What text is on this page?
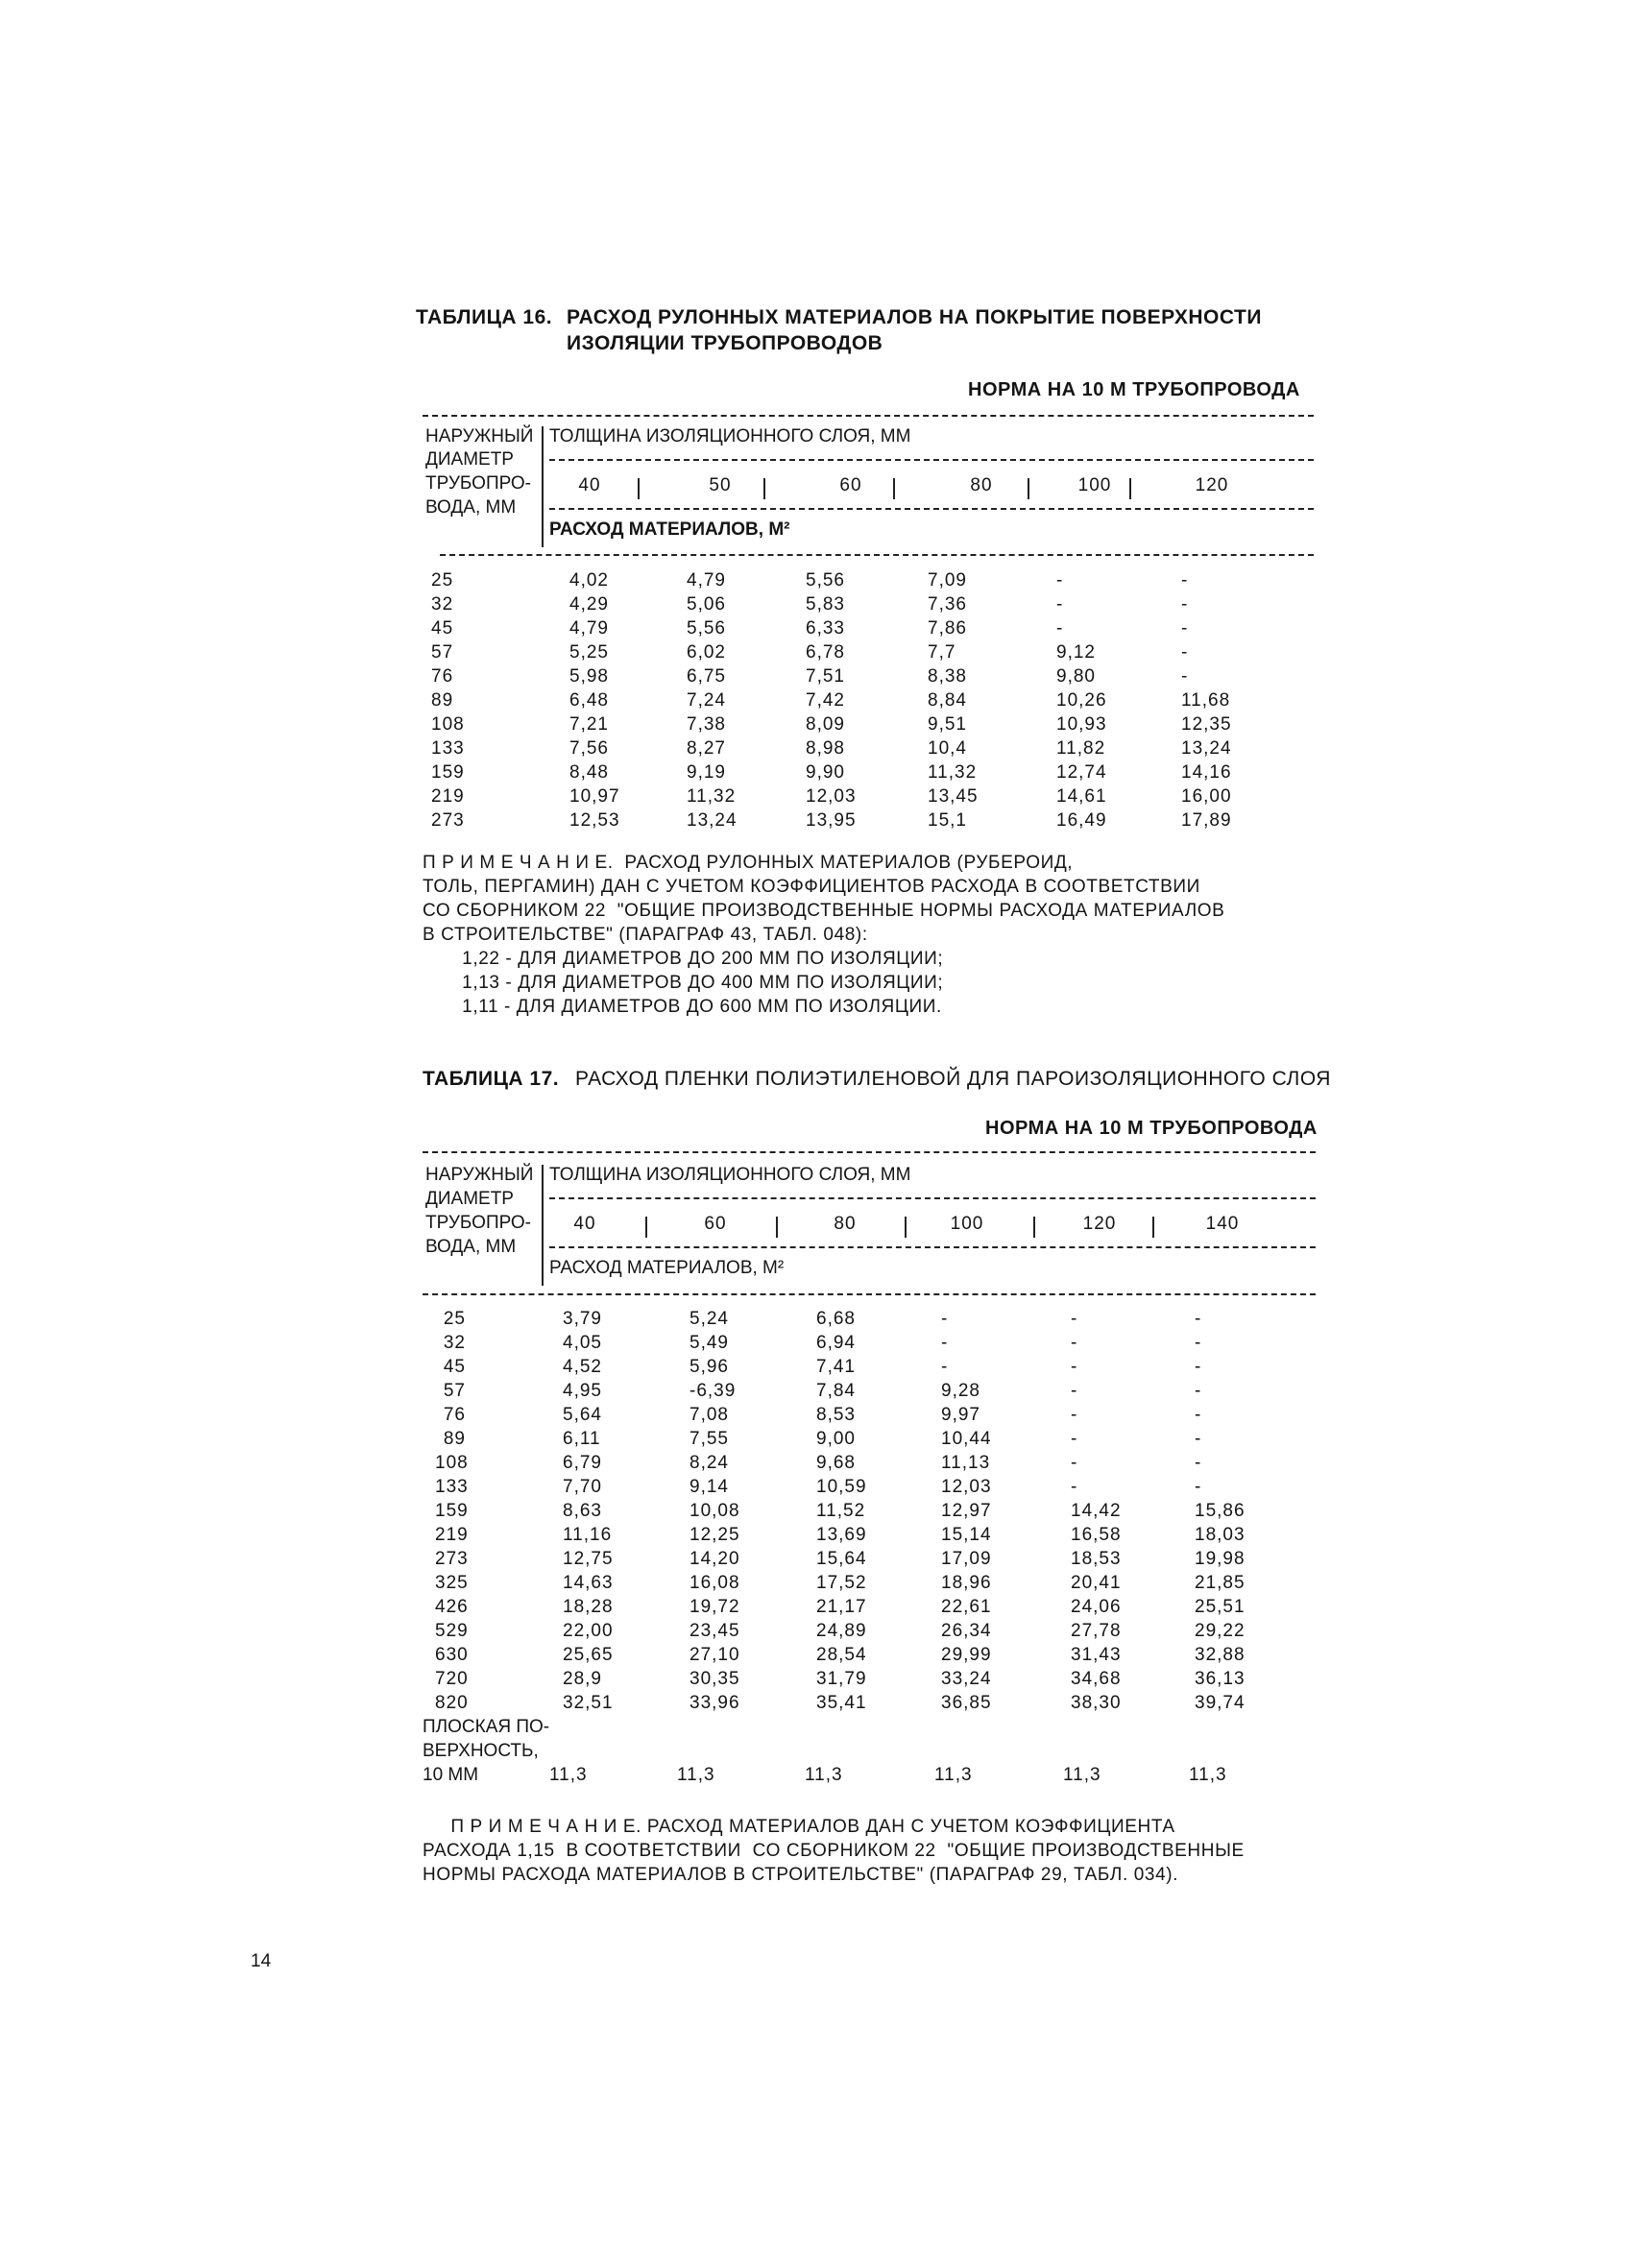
ТАБЛИЦА 16. РАСХОД РУЛОННЫХ МАТЕРИАЛОВ НА ПОКРЫТИЕ ПОВЕРХНОСТИ
ИЗОЛЯЦИИ ТРУБОПРОВОДОВ
НОРМА НА 10 М ТРУБОПРОВОДА
НАРУЖНЫЙ
ДИАМЕТР
ТРУБОПРО-
ВОДА, ММ
ТОЛЩИНА ИЗОЛЯЦИОННОГО СЛОЯ, ММ
РАСХОД МАТЕРИАЛОВ, М²
40	50	60	80	100	120
25	4,02	4,79	5,56	7,09	-	-
32	4,29	5,06	5,83	7,36	-	-
45	4,79	5,56	6,33	7,86	-	-
57	5,25	6,02	6,78	7,7	9,12	-
76	5,98	6,75	7,51	8,38	9,80	-
89	6,48	7,24	7,42	8,84	10,26	11,68
108	7,21	7,38	8,09	9,51	10,93	12,35
133	7,56	8,27	8,98	10,4	11,82	13,24
159	8,48	9,19	9,90	11,32	12,74	14,16
219	10,97	11,32	12,03	13,45	14,61	16,00
273	12,53	13,24	13,95	15,1	16,49	17,89
П Р И М Е Ч А Н И Е.  РАСХОД РУЛОННЫХ МАТЕРИАЛОВ (РУБЕРОИД,
ТОЛЬ, ПЕРГАМИН) ДАН С УЧЕТОМ КОЭФФИЦИЕНТОВ РАСХОДА В СООТВЕТСТВИИ
СО СБОРНИКОМ 22  "ОБЩИЕ ПРОИЗВОДСТВЕННЫЕ НОРМЫ РАСХОДА МАТЕРИАЛОВ
В СТРОИТЕЛЬСТВЕ" (ПАРАГРАФ 43, ТАБЛ. 048):
1,22 - ДЛЯ ДИАМЕТРОВ ДО 200 ММ ПО ИЗОЛЯЦИИ;
1,13 - ДЛЯ ДИАМЕТРОВ ДО 400 ММ ПО ИЗОЛЯЦИИ;
1,11 - ДЛЯ ДИАМЕТРОВ ДО 600 ММ ПО ИЗОЛЯЦИИ.
ТАБЛИЦА 17. РАСХОД ПЛЕНКИ ПОЛИЭТИЛЕНОВОЙ ДЛЯ ПАРОИЗОЛЯЦИОННОГО СЛОЯ
НОРМА НА 10 М ТРУБОПРОВОДА
НАРУЖНЫЙ
ДИАМЕТР
ТРУБОПРО-
ВОДА, ММ
ТОЛЩИНА ИЗОЛЯЦИОННОГО СЛОЯ, ММ
РАСХОД МАТЕРИАЛОВ, М²
40	60	80	100	120	140
25	3,79	5,24	6,68	-	-	-
32	4,05	5,49	6,94	-	-	-
45	4,52	5,96	7,41	-	-	-
57	4,95	-6,39	7,84	9,28	-	-
76	5,64	7,08	8,53	9,97	-	-
89	6,11	7,55	9,00	10,44	-	-
108	6,79	8,24	9,68	11,13	-	-
133	7,70	9,14	10,59	12,03	-	-
159	8,63	10,08	11,52	12,97	14,42	15,86
219	11,16	12,25	13,69	15,14	16,58	18,03
273	12,75	14,20	15,64	17,09	18,53	19,98
325	14,63	16,08	17,52	18,96	20,41	21,85
426	18,28	19,72	21,17	22,61	24,06	25,51
529	22,00	23,45	24,89	26,34	27,78	29,22
630	25,65	27,10	28,54	29,99	31,43	32,88
720	28,9	30,35	31,79	33,24	34,68	36,13
820	32,51	33,96	35,41	36,85	38,30	39,74
ПЛОСКАЯ ПО-
ВЕРХНОСТЬ,
10 ММ	11,3	11,3	11,3	11,3	11,3	11,3
П Р И М Е Ч А Н И Е. РАСХОД МАТЕРИАЛОВ ДАН С УЧЕТОМ КОЭФФИЦИЕНТА
РАСХОДА 1,15  В СООТВЕТСТВИИ  СО СБОРНИКОМ 22  "ОБЩИЕ ПРОИЗВОДСТВЕННЫЕ
НОРМЫ РАСХОДА МАТЕРИАЛОВ В СТРОИТЕЛЬСТВЕ" (ПАРАГРАФ 29, ТАБЛ. 034).
14
